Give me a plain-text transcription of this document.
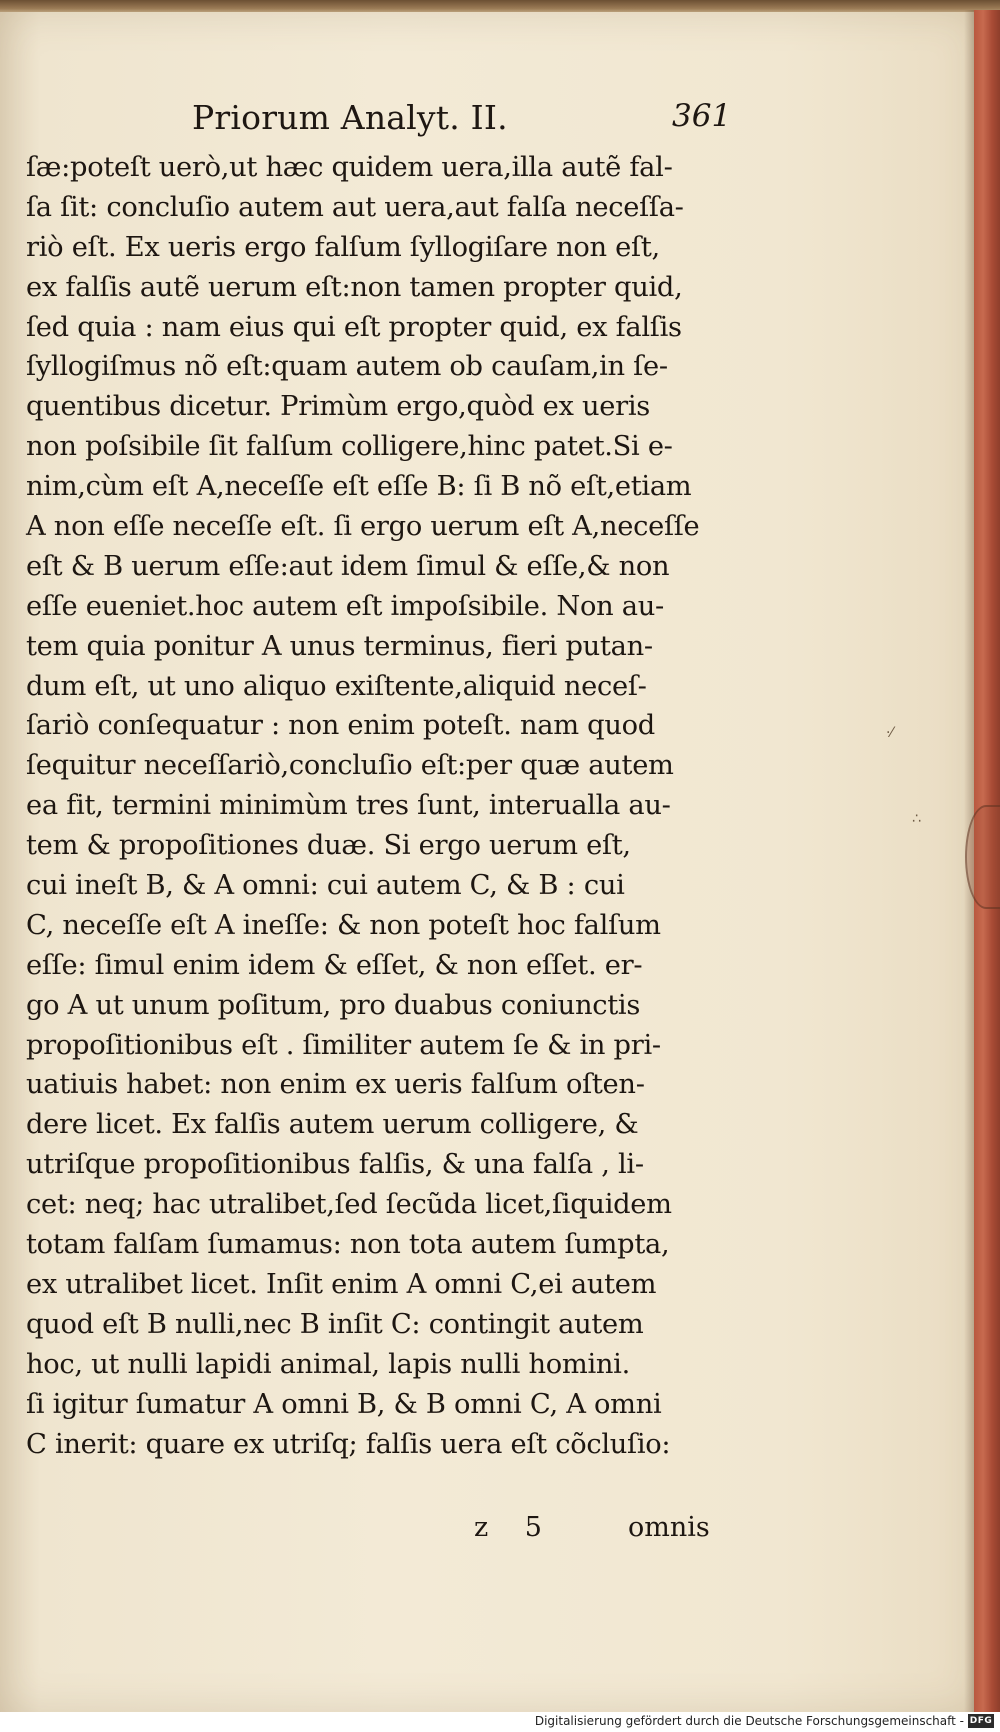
Priorum Analyt. II.	361
ſæ:poteſt uerò,ut hæc quidem uera,illa autẽ fal-
ſa ſit: concluſio autem aut uera,aut falſa neceſſa-
riò eſt. Ex ueris ergo falſum ſyllogiſare non eſt,
ex falſis autẽ uerum eſt:non tamen propter quid,
ſed quia : nam eius qui eſt propter quid, ex falſis
ſyllogiſmus nõ eſt:quam autem ob cauſam,in ſe-
quentibus dicetur. Primùm ergo,quòd ex ueris
non poſsibile ſit falſum colligere,hinc patet.Si e-
nim,cùm eſt A,neceſſe eſt eſſe B: ſi B nõ eſt,etiam
A non eſſe neceſſe eſt. ſi ergo uerum eſt A,neceſſe
eſt & B uerum eſſe:aut idem ſimul & eſſe,& non
eſſe eueniet.hoc autem eſt impoſsibile. Non au-
tem quia ponitur A unus terminus, fieri putan-
dum eſt, ut uno aliquo exiſtente,aliquid neceſ-
ſariò conſequatur : non enim poteſt. nam quod
ſequitur neceſſariò,concluſio eſt:per quæ autem
ea fit, termini minimùm tres ſunt, interualla au-
tem & propoſitiones duæ. Si ergo uerum eſt,
cui ineſt B, & A omni: cui autem C, & B : cui
C, neceſſe eſt A ineſſe: & non poteſt hoc falſum
eſſe: ſimul enim idem & eſſet, & non eſſet. er-
go A ut unum poſitum, pro duabus coniunctis
propoſitionibus eſt . ſimiliter autem ſe & in pri-
uatiuis habet: non enim ex ueris falſum oſten-
dere licet. Ex falſis autem uerum colligere, &
utriſque propoſitionibus falſis, & una falſa , li-
cet: neq; hac utralibet,ſed ſecũda licet,ſiquidem
totam falſam ſumamus: non tota autem ſumpta,
ex utralibet licet. Inſit enim A omni C,ei autem
quod eſt B nulli,nec B inſit C: contingit autem
hoc, ut nulli lapidi animal, lapis nulli homini.
ſi igitur ſumatur A omni B, & B omni C, A omni
C inerit: quare ex utriſq; falſis uera eſt cõcluſio:
z 5	omnis
·⁄
∴
Digitalisierung gefördert durch die Deutsche Forschungsgemeinschaft - DFG
